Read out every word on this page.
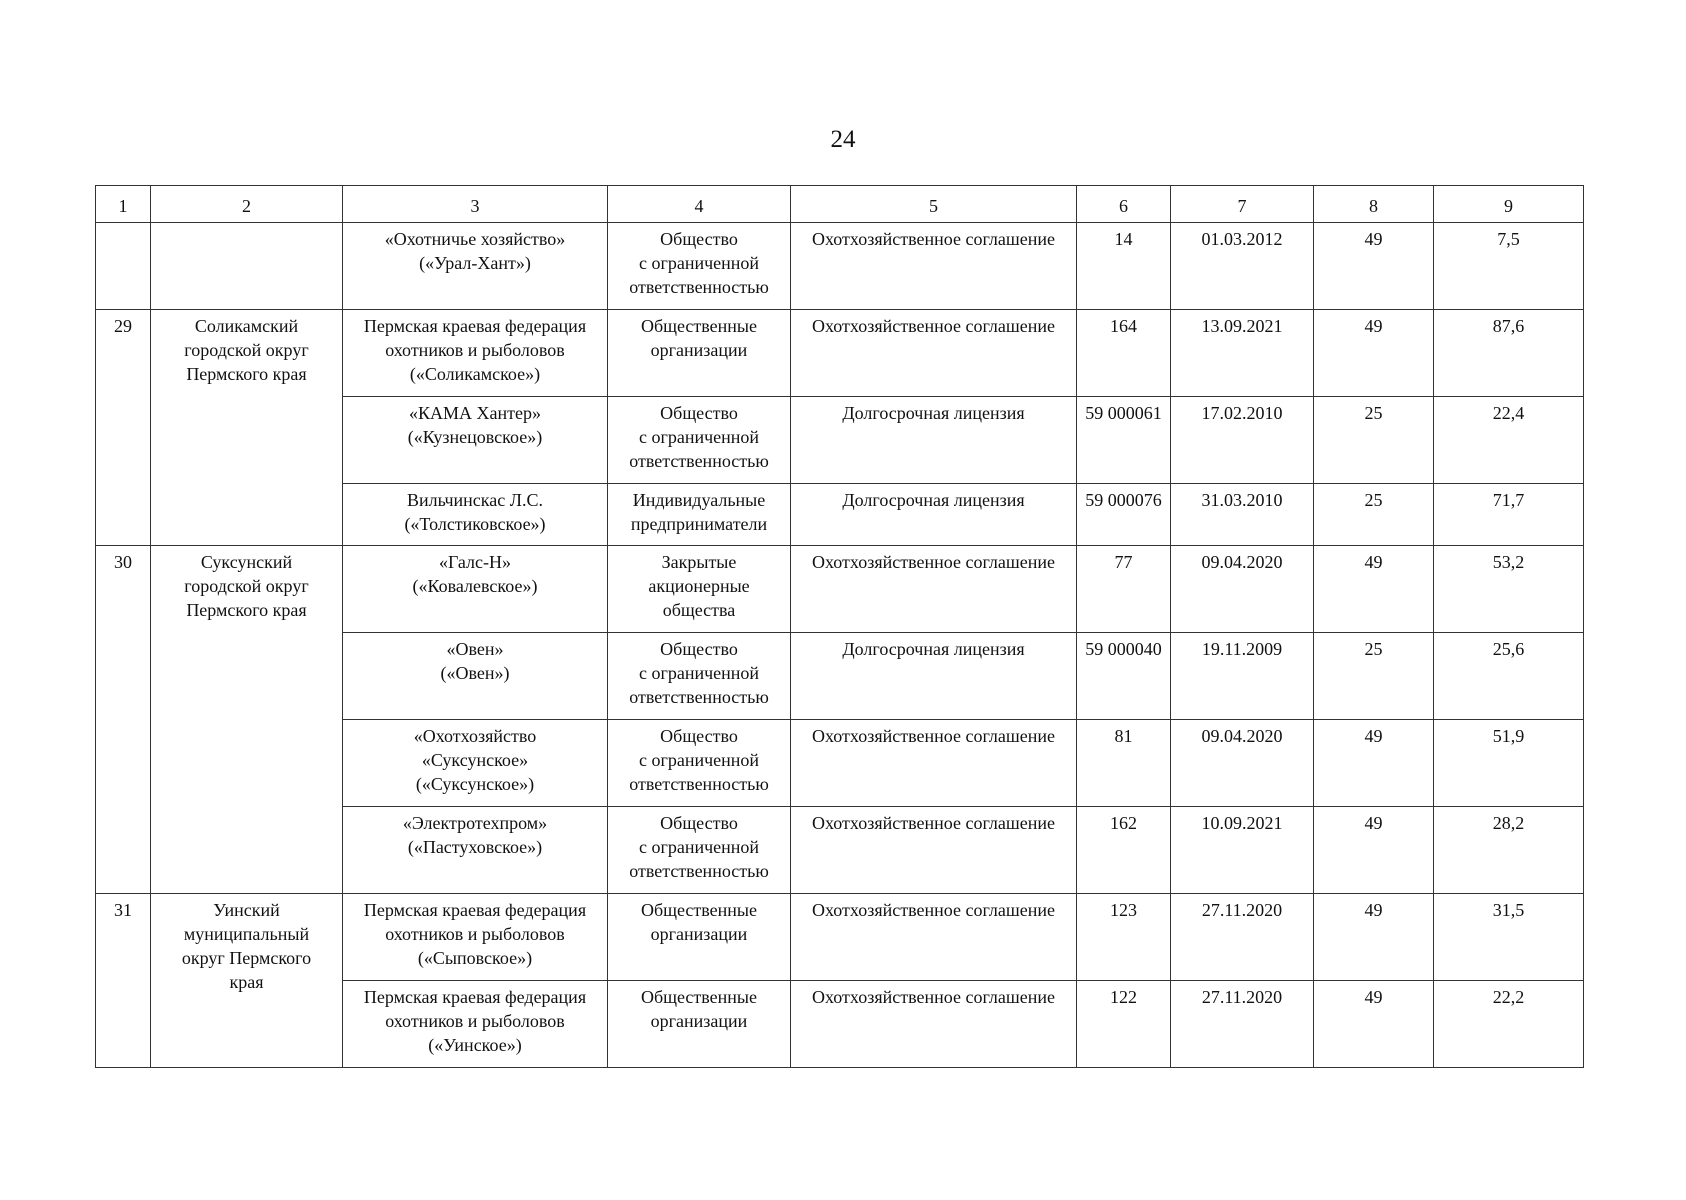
24
1	2	3	4	5	6	7	8	9
		«Охотничье хозяйство»
(«Урал-Хант»)	Общество
с ограниченной
ответственностью	Охотхозяйственное соглашение	14	01.03.2012	49	7,5
29	Соликамский
городской округ
Пермского края	Пермская краевая федерация
охотников и рыболовов
(«Соликамское»)	Общественные
организации	Охотхозяйственное соглашение	164	13.09.2021	49	87,6
		«КАМА Хантер»
(«Кузнецовское»)	Общество
с ограниченной
ответственностью	Долгосрочная лицензия	59 000061	17.02.2010	25	22,4
		Вильчинскас Л.С.
(«Толстиковское»)	Индивидуальные
предприниматели	Долгосрочная лицензия	59 000076	31.03.2010	25	71,7
30	Суксунский
городской округ
Пермского края	«Галс-Н»
(«Ковалевское»)	Закрытые
акционерные
общества	Охотхозяйственное соглашение	77	09.04.2020	49	53,2
		«Овен»
(«Овен»)	Общество
с ограниченной
ответственностью	Долгосрочная лицензия	59 000040	19.11.2009	25	25,6
		«Охотхозяйство
«Суксунское»
(«Суксунское»)	Общество
с ограниченной
ответственностью	Охотхозяйственное соглашение	81	09.04.2020	49	51,9
		«Электротехпром»
(«Пастуховское»)	Общество
с ограниченной
ответственностью	Охотхозяйственное соглашение	162	10.09.2021	49	28,2
31	Уинский
муниципальный
округ Пермского
края	Пермская краевая федерация
охотников и рыболовов
(«Сыповское»)	Общественные
организации	Охотхозяйственное соглашение	123	27.11.2020	49	31,5
		Пермская краевая федерация
охотников и рыболовов
(«Уинское»)	Общественные
организации	Охотхозяйственное соглашение	122	27.11.2020	49	22,2
